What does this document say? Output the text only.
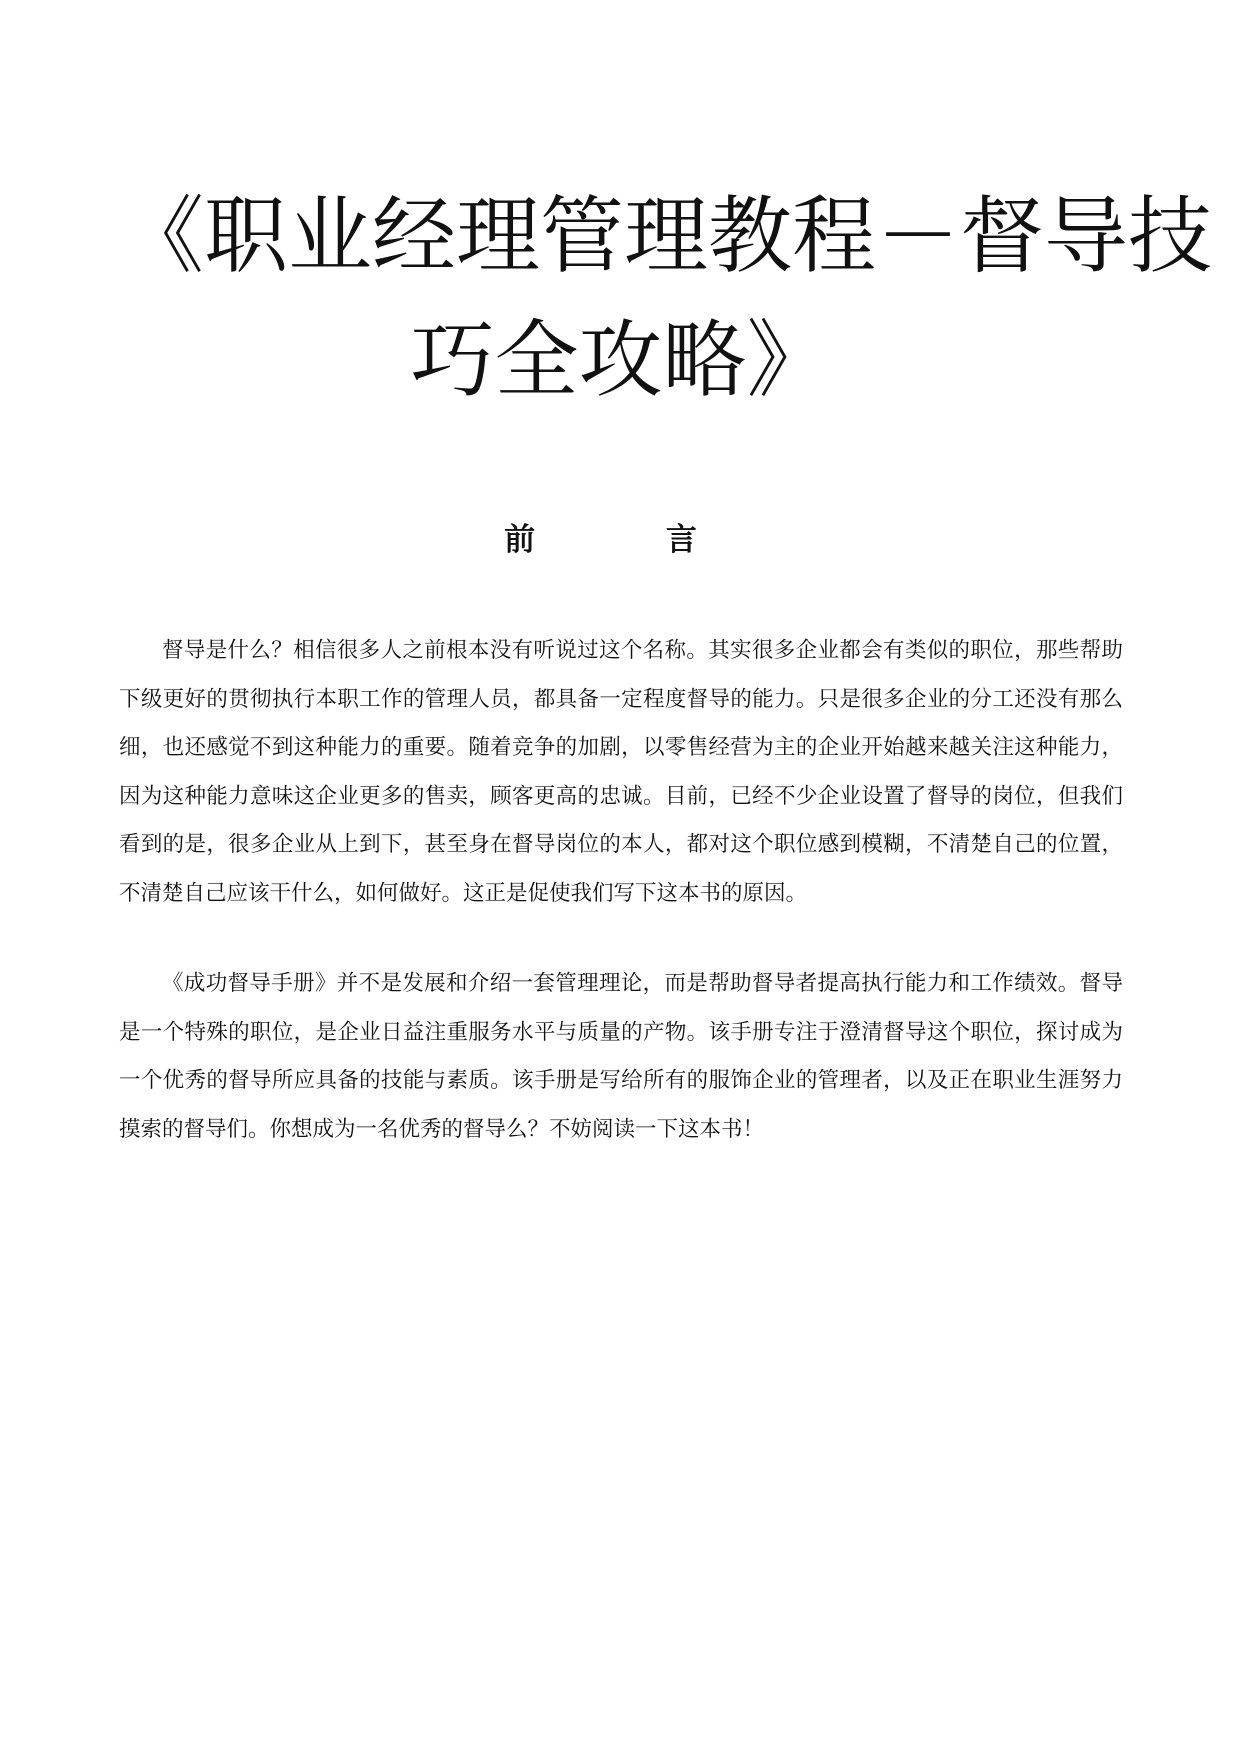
《职业经理管理教程－督导技
巧全攻略》
前 言

督导是什么？相信很多人之前根本没有听说过这个名称。其实很多企业都会有类似的职位，那些帮助下级更好的贯彻执行本职工作的管理人员，都具备一定程度督导的能力。只是很多企业的分工还没有那么细，也还感觉不到这种能力的重要。随着竞争的加剧，以零售经营为主的企业开始越来越关注这种能力，因为这种能力意味这企业更多的售卖，顾客更高的忠诚。目前，已经不少企业设置了督导的岗位，但我们看到的是，很多企业从上到下，甚至身在督导岗位的本人，都对这个职位感到模糊，不清楚自己的位置，不清楚自己应该干什么，如何做好。这正是促使我们写下这本书的原因。

《成功督导手册》并不是发展和介绍一套管理理论，而是帮助督导者提高执行能力和工作绩效。督导是一个特殊的职位，是企业日益注重服务水平与质量的产物。该手册专注于澄清督导这个职位，探讨成为一个优秀的督导所应具备的技能与素质。该手册是写给所有的服饰企业的管理者，以及正在职业生涯努力摸索的督导们。你想成为一名优秀的督导么？不妨阅读一下这本书！
